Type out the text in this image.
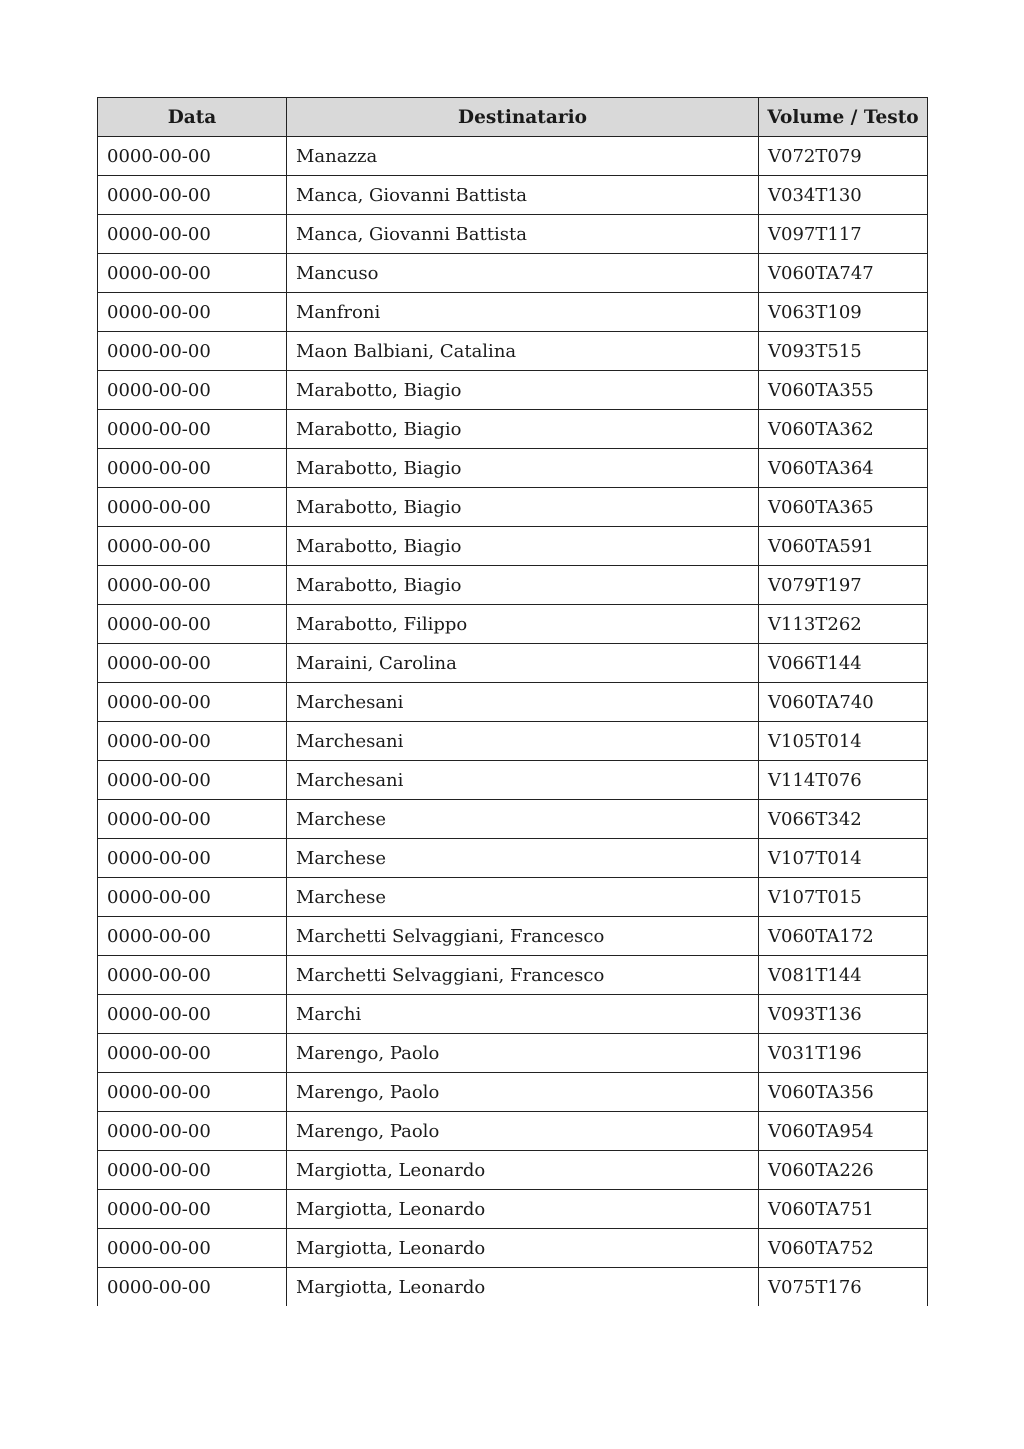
Data	Destinatario	Volume / Testo
0000-00-00	Manazza	V072T079
0000-00-00	Manca, Giovanni Battista	V034T130
0000-00-00	Manca, Giovanni Battista	V097T117
0000-00-00	Mancuso	V060TA747
0000-00-00	Manfroni	V063T109
0000-00-00	Maon Balbiani, Catalina	V093T515
0000-00-00	Marabotto, Biagio	V060TA355
0000-00-00	Marabotto, Biagio	V060TA362
0000-00-00	Marabotto, Biagio	V060TA364
0000-00-00	Marabotto, Biagio	V060TA365
0000-00-00	Marabotto, Biagio	V060TA591
0000-00-00	Marabotto, Biagio	V079T197
0000-00-00	Marabotto, Filippo	V113T262
0000-00-00	Maraini, Carolina	V066T144
0000-00-00	Marchesani	V060TA740
0000-00-00	Marchesani	V105T014
0000-00-00	Marchesani	V114T076
0000-00-00	Marchese	V066T342
0000-00-00	Marchese	V107T014
0000-00-00	Marchese	V107T015
0000-00-00	Marchetti Selvaggiani, Francesco	V060TA172
0000-00-00	Marchetti Selvaggiani, Francesco	V081T144
0000-00-00	Marchi	V093T136
0000-00-00	Marengo, Paolo	V031T196
0000-00-00	Marengo, Paolo	V060TA356
0000-00-00	Marengo, Paolo	V060TA954
0000-00-00	Margiotta, Leonardo	V060TA226
0000-00-00	Margiotta, Leonardo	V060TA751
0000-00-00	Margiotta, Leonardo	V060TA752
0000-00-00	Margiotta, Leonardo	V075T176
